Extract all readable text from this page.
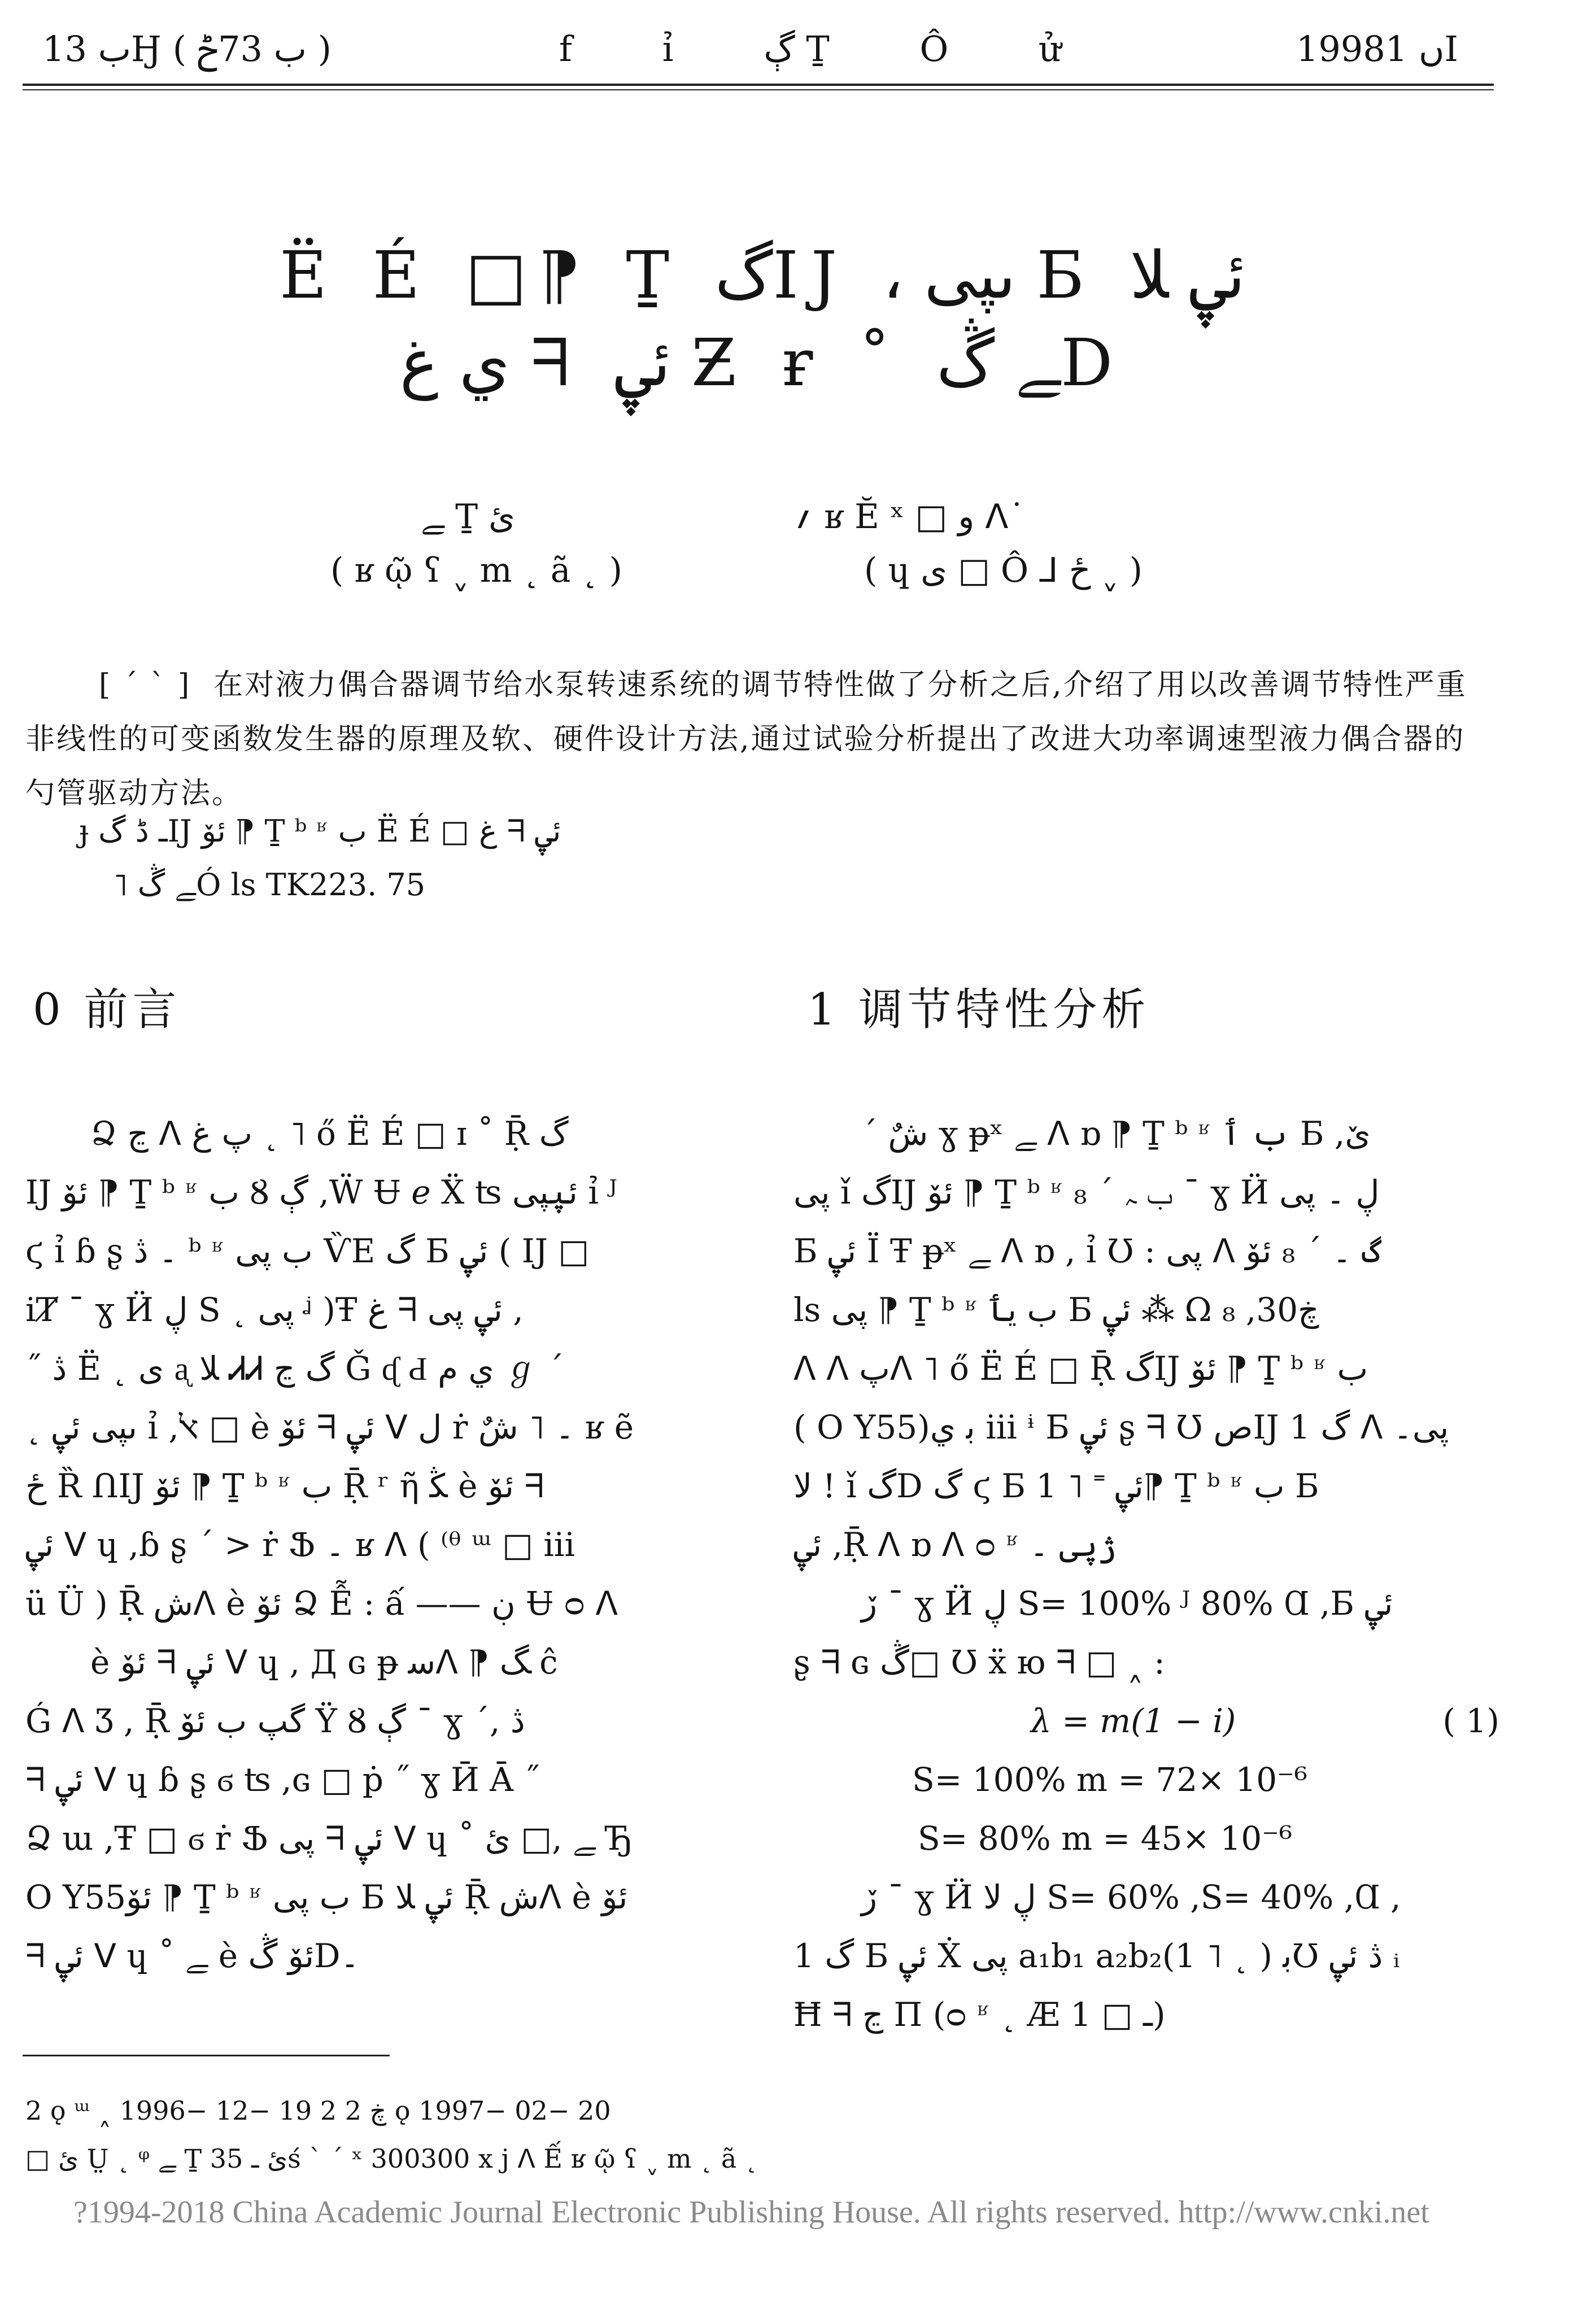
ب 13Ӈ ( ب 73ݲ )	f ỉ ڳ Ṯ Ô ử	1998ں 1Ⅰ
Ë É □⁋ Ṯ گIJ ، ىپى Б ئۑ ﻼ
ي غ ᖷ ئۑ Ƶ ɍ ˚ ﮯ ڴD
ﮯ Ṯ ئ
( ʁ ῷ ʕ ˬ m ˛ ã ˛ )
؍ ʁ Ĕ ˣ □ ﻭ ᐱ˙
( ɥ ى □ Ô ⅃ ځ ˬ )
[ ˊ ˋ ] 在对液力偶合器调节给水泵转速系统的调节特性做了分析之后,介绍了用以改善调节特性严重非线性的可变函数发生器的原理及软、硬件设计方法,通过试验分析提出了改进大功率调速型液力偶合器的勺管驱动方法。
ɟ ـ ڈ گIJ ئۆ ⁋ Ṯ ᵇ ʶ ب Ë É □ غ ᖷ ئۑ
˥ ﮯ ڴÓ ls TK223. 75
0 前言	1 调节特性分析
Ձ ڃ ᐱ پ ﻍ ˛ ˥ ő Ë É □ ɪ ˚ Ṝ گ
IJ ئۆ ⁋ Ṯ ᵇ ʶ ب Ȣ ڳ ,Ẅ Ʉ ℯ Ẍ ʦ ئۑپى ỉ ᴶ
ϛ ỉ ɓ ʂ ۔ ڎ ᵇ ʶ ب پى ѶE گ Б ئۑ ( IJ □
iȾ ˉ ɣ Ӥ ڸ S ˛ پى ᶨ )Ŧ غ ᖷ ئۑ پى ,
˝ ڎ Ë ˛ ى ᶏ ﻼ ᏗᏗ گ ڃ Ǧ ᶑ Ԁ ي ﻡ ℊ ˊ
˛ ىپى ئۑ ỉ ,ﭏ □ è ئۆ ᖷ ئۑ ᐯ ﻝ ṙ ۔ ˥ شٌ ʁ ẽ
ځ Ȑ ՈIJ ئۆ ⁋ Ṯ ᵇ ʶ ب Ṝ ʳ ῆ ﯖ è ئۆ ᖷ
ئۑ ᐯ ɥ ,ɓ ʂ ˊ > ṙ Ֆ ۔ ʁ ᐱ ( ⁽ᶿ ᵚ □ iii
ü Ü ) Ṝ شᐱ è ئۆ Ձ Ễ : ấ —— ڹ Ʉ ᴑ ᐱ
è ئۆ ᖷ ئۑ ᐯ ɥ , Д ɢ ᵽ ﺳᐱ ⁋ ﮓ ĉ
Ǵ ᐱ Ʒ , Ṝ گپ ب ئۆ Ÿ Ȣ ڳ ˉ ɣ ˊ, ڎ
ᖷ ئۑ ᐯ ɥ ɓ ʂ ϭ ʦ ,ɢ □ ṗ ˝ ɣ Ӣ Ā ˝
Ձ ɯ ,Ŧ □ ϭ ṙ Ֆ پى ᖷ ئۑ ᐯ ɥ ˚ ﮯ ,□ ئ Ђ
O Y55ئۆ ⁋ Ṯ ᵇ ʶ ب پى Б ئۑ ﻼ Ṝ شᐱ è ئۆ
ᖷ ئۑ ᐯ ɥ ˚ ﮯ è ئۆ ڴD۔
ˊ شٌ ɣ ᵽˣ ﮯ ᐱ ɒ ⁋ Ṯ ᵇ ʶ ب ٲ Б ,ێ
پى ǐ گIJ ئۆ ⁋ Ṯ ᵇ ʶ ب ﮧ ˊ ₈ ˉ ɣ Ӥ ڸ ۔ پى
Б ئۑ Ï Ŧ ᵽˣ ﮯ ᐱ ɒ , ỉ Ʊ : پى ᐱ گ ۔ ˊ ₈ ئۆ
ls پى ⁋ Ṯ ᵇ ʶ ب يٲ Б ئۑ ⁂ Ω ₈ ,30ڿ
ᐱ ᐱ پᐱ ˥ ő Ë É □ Ṝ گIJ ئۆ ⁋ Ṯ ᵇ ʶ ب
( O Y55)ﺑ ي iii ᶤ Б ئۑ ʂ ᖷ Ʊ صIJ 1 گ ᐱ پى۔
ﻻ ! ǐ گD گ ϛ Б ئۑ ˭ ˥ 1⁋ Ṯ ᵇ ʶ ب Б
ئۑ ,Ṝ ᐱ ɒ ᐱ ᴑ ʶ ژپى ۔
ڒ ˉ ɣ Ӥ ڸ S= 100% ᴶ 80% Ɑ ,Б ئۑ
ʂ ᖷ ɢ ڴ□ Ʊ ẍ ю ᖷ □ ˰ :
λ = m(1 − i)	( 1)
S= 100% m = 72× 10⁻⁶
S= 80% m = 45× 10⁻⁶
ڒ ˉ ɣ Ӥ ڸ ﻻ S= 60% ,S= 40% ,Ɑ ,
1 گ Б ئۑ Ẋ پى a₁b₁ a₂b₂ﺑ ( ˛ ˥ 1)Ʊ ڎ ئۑ ᵢ
Ħ ᖷ ڃ Π (ᴑ ʶ ˛ Æ ـ □ 1)
2 ǫ ᵚ ˰ 1996− 12− 19 2 ڿ 2 ǫ 1997− 02− 20
□ ئ Ṳ ˛ ᵠ ﮯ Ṯ ئ ـ 35ś ˋ ˊ ˣ 300300 x j ᐱ Ế ʁ ῷ ʕ ˬ m ˛ ã ˛
?1994-2018 China Academic Journal Electronic Publishing House. All rights reserved. http://www.cnki.net
